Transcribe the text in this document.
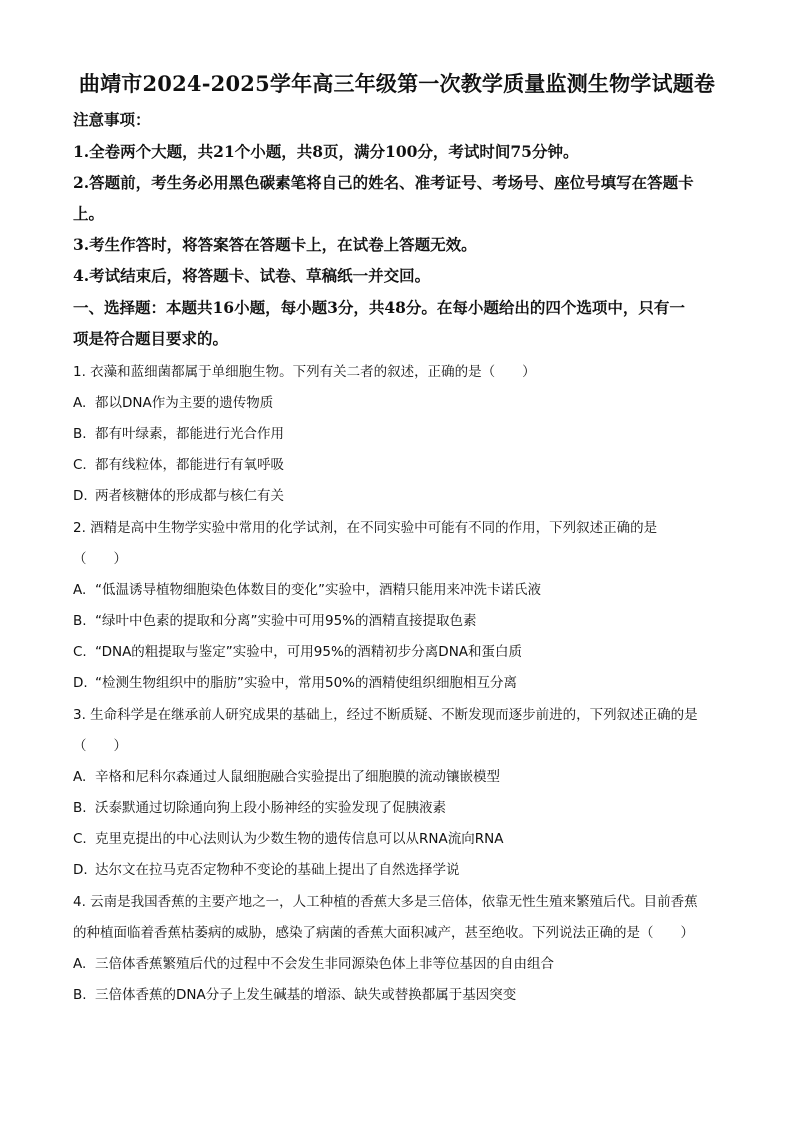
曲靖市2024-2025学年高三年级第一次教学质量监测生物学试题卷
注意事项：
1.全卷两个大题，共21个小题，共8页，满分100分，考试时间75分钟。
2.答题前，考生务必用黑色碳素笔将自己的姓名、准考证号、考场号、座位号填写在答题卡
上。
3.考生作答时，将答案答在答题卡上，在试卷上答题无效。
4.考试结束后，将答题卡、试卷、草稿纸一并交回。
一、选择题：本题共16小题，每小题3分，共48分。在每小题给出的四个选项中，只有一
项是符合题目要求的。
1. 衣藻和蓝细菌都属于单细胞生物。下列有关二者的叙述，正确的是（　　）
A. 都以DNA作为主要的遗传物质
B. 都有叶绿素，都能进行光合作用
C. 都有线粒体，都能进行有氧呼吸
D. 两者核糖体的形成都与核仁有关
2. 酒精是高中生物学实验中常用的化学试剂，在不同实验中可能有不同的作用，下列叙述正确的是
（　　）
A. “低温诱导植物细胞染色体数目的变化”实验中，酒精只能用来冲洗卡诺氏液
B. “绿叶中色素的提取和分离”实验中可用95%的酒精直接提取色素
C. “DNA的粗提取与鉴定”实验中，可用95%的酒精初步分离DNA和蛋白质
D. “检测生物组织中的脂肪”实验中，常用50%的酒精使组织细胞相互分离
3. 生命科学是在继承前人研究成果的基础上，经过不断质疑、不断发现而逐步前进的，下列叙述正确的是
（　　）
A. 辛格和尼科尔森通过人鼠细胞融合实验提出了细胞膜的流动镶嵌模型
B. 沃泰默通过切除通向狗上段小肠神经的实验发现了促胰液素
C. 克里克提出的中心法则认为少数生物的遗传信息可以从RNA流向RNA
D. 达尔文在拉马克否定物种不变论的基础上提出了自然选择学说
4. 云南是我国香蕉的主要产地之一，人工种植的香蕉大多是三倍体，依靠无性生殖来繁殖后代。目前香蕉
的种植面临着香蕉枯萎病的威胁，感染了病菌的香蕉大面积减产，甚至绝收。下列说法正确的是（　　）
A. 三倍体香蕉繁殖后代的过程中不会发生非同源染色体上非等位基因的自由组合
B. 三倍体香蕉的DNA分子上发生碱基的增添、缺失或替换都属于基因突变
